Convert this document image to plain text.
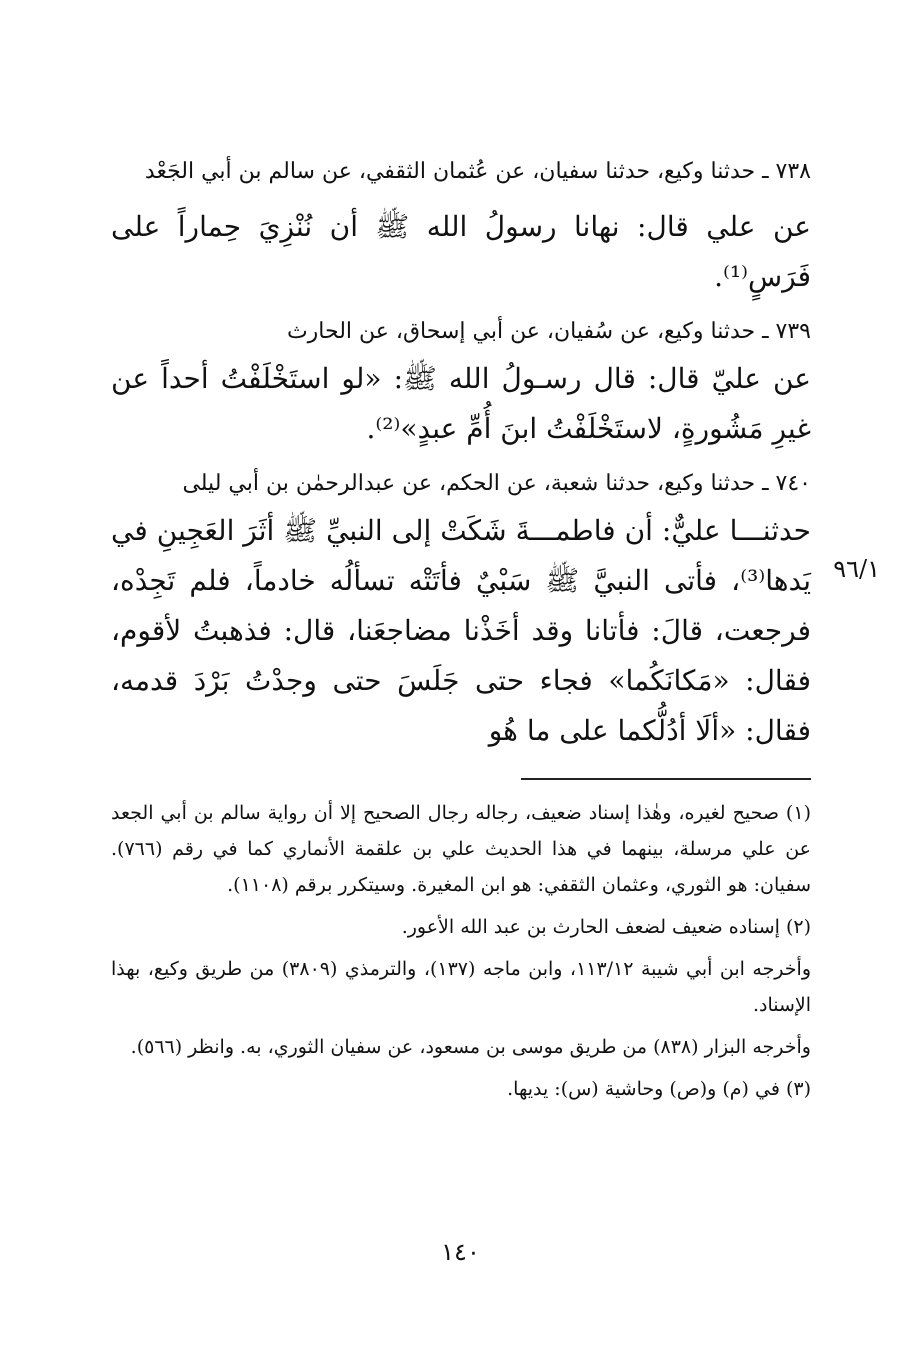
٧٣٨ ـ حدثنا وكيع، حدثنا سفيان، عن عُثمان الثقفي، عن سالم بن أبي الجَعْد

عن علي قال: نهانا رسولُ الله ﷺ أن نُنْزِيَ حِماراً على فَرَسٍ⁽¹⁾.

٧٣٩ ـ حدثنا وكيع، عن سُفيان، عن أبي إسحاق، عن الحارث

عن عليّ قال: قال رسـولُ الله ﷺ: «لو استَخْلَفْتُ أحداً عن غيرِ مَشُورةٍ، لاستَخْلَفْتُ ابنَ أُمِّ عبدٍ»⁽²⁾.

٧٤٠ ـ حدثنا وكيع، حدثنا شعبة، عن الحكم، عن عبدالرحمٰن بن أبي ليلى

حدثنـــا عليٌّ: أن فاطمـــةَ شَكَتْ إلى النبيِّ ﷺ أثَرَ العَجِينِ في يَدها⁽³⁾، فأتى النبيَّ ﷺ سَبْيٌ فأتَتْه تسألُه خادماً، فلم تَجِدْه، فرجعت، قالَ: فأتانا وقد أخَذْنا مضاجعَنا، قال: فذهبتُ لأقوم، فقال: «مَكانَكُما» فجاء حتى جَلَسَ حتى وجدْتُ بَرْدَ قدمه، فقال: «ألَا أدُلُّكما على ما هُو

٩٦/١

(١) صحيح لغيره، وهٰذا إسناد ضعيف، رجاله رجال الصحيح إلا أن رواية سالم بن أبي الجعد عن علي مرسلة، بينهما في هذا الحديث علي بن علقمة الأنماري كما في رقم (٧٦٦). سفيان: هو الثوري، وعثمان الثقفي: هو ابن المغيرة. وسيتكرر برقم (١١٠٨).

(٢) إسناده ضعيف لضعف الحارث بن عبد الله الأعور.

وأخرجه ابن أبي شيبة ١١٣/١٢، وابن ماجه (١٣٧)، والترمذي (٣٨٠٩) من طريق وكيع، بهذا الإسناد.

وأخرجه البزار (٨٣٨) من طريق موسى بن مسعود، عن سفيان الثوري، به. وانظر (٥٦٦).

(٣) في (م) و(ص) وحاشية (س): يديها.

١٤٠
